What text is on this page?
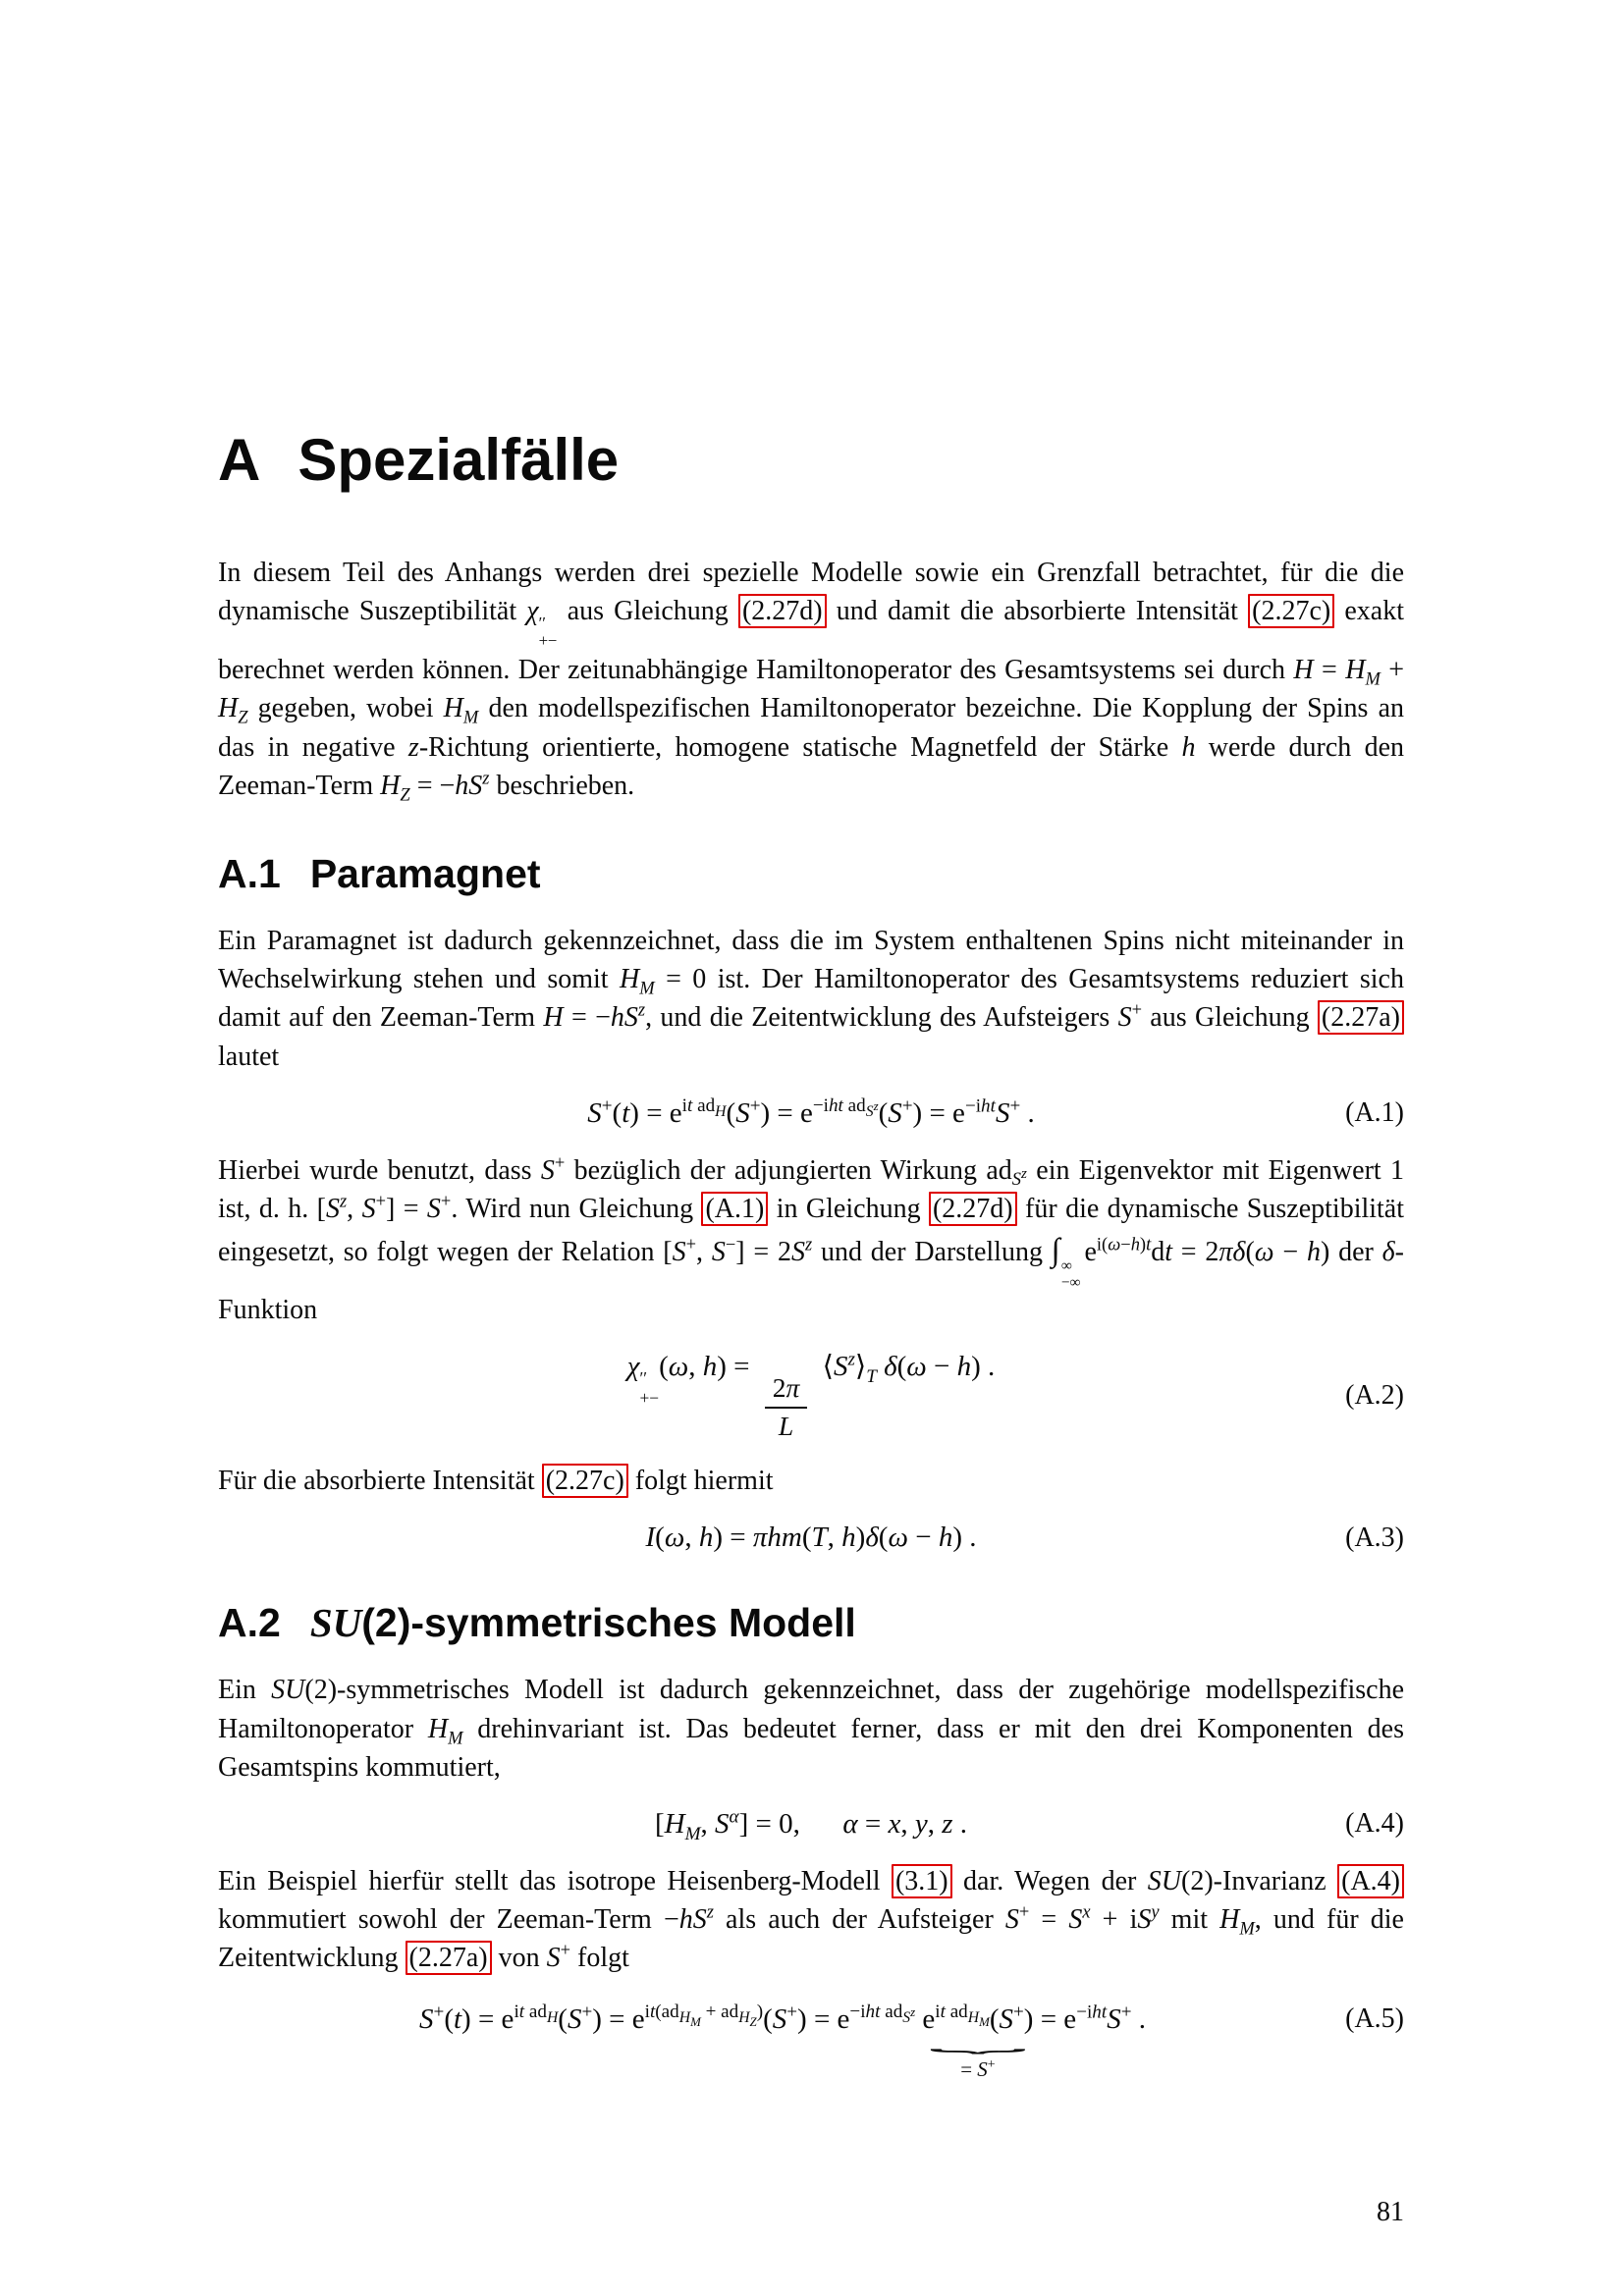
A Spezialfälle

In diesem Teil des Anhangs werden drei spezielle Modelle sowie ein Grenzfall betrachtet, für die die dynamische Suszeptibilität χ ′′
+−
aus Gleichung (2.27d) und damit die absorbierte Intensität (2.27c) exakt berechnet werden können. Der zeitunabhängige Hamiltonoperator des Gesamtsystems sei durch $H = H_M + H_Z$ gegeben, wobei $H_M$ den modellspezifischen Hamiltonoperator bezeichne. Die Kopplung der Spins an das in negative z-Richtung orientierte, homogene statische Magnetfeld der Stärke h werde durch den Zeeman-Term $H_Z = -hS^z$ beschrieben.

A.1 Paramagnet

Ein Paramagnet ist dadurch gekennzeichnet, dass die im System enthaltenen Spins nicht miteinander in Wechselwirkung stehen und somit $H_M = 0$ ist. Der Hamiltonoperator des Gesamtsystems reduziert sich damit auf den Zeeman-Term $H = -hS^z$, und die Zeitentwicklung des Aufsteigers S+ aus Gleichung (2.27a) lautet

$S^+(t) = e^{it ad_H}(S^+) = e^{-iht ad_{S^z}}(S^+) = e^{-iht}S^+$ .	(A.1)

Hierbei wurde benutzt, dass S+ bezüglich der adjungierten Wirkung $ad_{S^z}$ ein Eigenvektor mit Eigenwert 1 ist, d. h. [$S^z$, S+] = S+. Wird nun Gleichung (A.1) in Gleichung (2.27d) für die dynamische Suszeptibilität eingesetzt, so folgt wegen der Relation [S+, $S^-] = 2S^z$ und der Darstellung ∫ ∞
−∞
$e^{i(\omega-h)t}dt = 2\pi\delta(\omega - h)$ der δ-Funktion

χ ′′
+−
(ω, h) =
$\frac{2\pi}{L}$
$⟨S^z⟩_T$ δ(ω − h) .
(A.2)

Für die absorbierte Intensität (2.27c) folgt hiermit

I(ω, h) = πhm(T, h)δ(ω − h) .	(A.3)
A.2 SU(2)-symmetrisches Modell

Ein SU(2)-symmetrisches Modell ist dadurch gekennzeichnet, dass der zugehörige modellspezifische Hamiltonoperator $H_M$ drehinvariant ist. Das bedeutet ferner, dass er mit den drei Komponenten des Gesamtspins kommutiert,

[$H_M$, $S^\alpha] = 0$,   α = x, y, z .	(A.4)

Ein Beispiel hierfür stellt das isotrope Heisenberg-Modell (3.1) dar. Wegen der SU(2)-Invarianz (A.4) kommutiert sowohl der Zeeman-Term $-hS^z$ als auch der Aufsteiger $S^+ = S^x + iS^y$ mit $H_M$, und für die Zeitentwicklung (2.27a) von S+ folgt

$S^+(t) = e^{it ad_H}(S^+) = e^{it(ad_{H_M} + ad_{H_Z})}(S^+) = e^{-iht ad_{S^z}}$ $e^{it ad_{H_M}}(S^+)$
⏟
= S+
= $e^{-iht}S^+$ .	(A.5)
81
